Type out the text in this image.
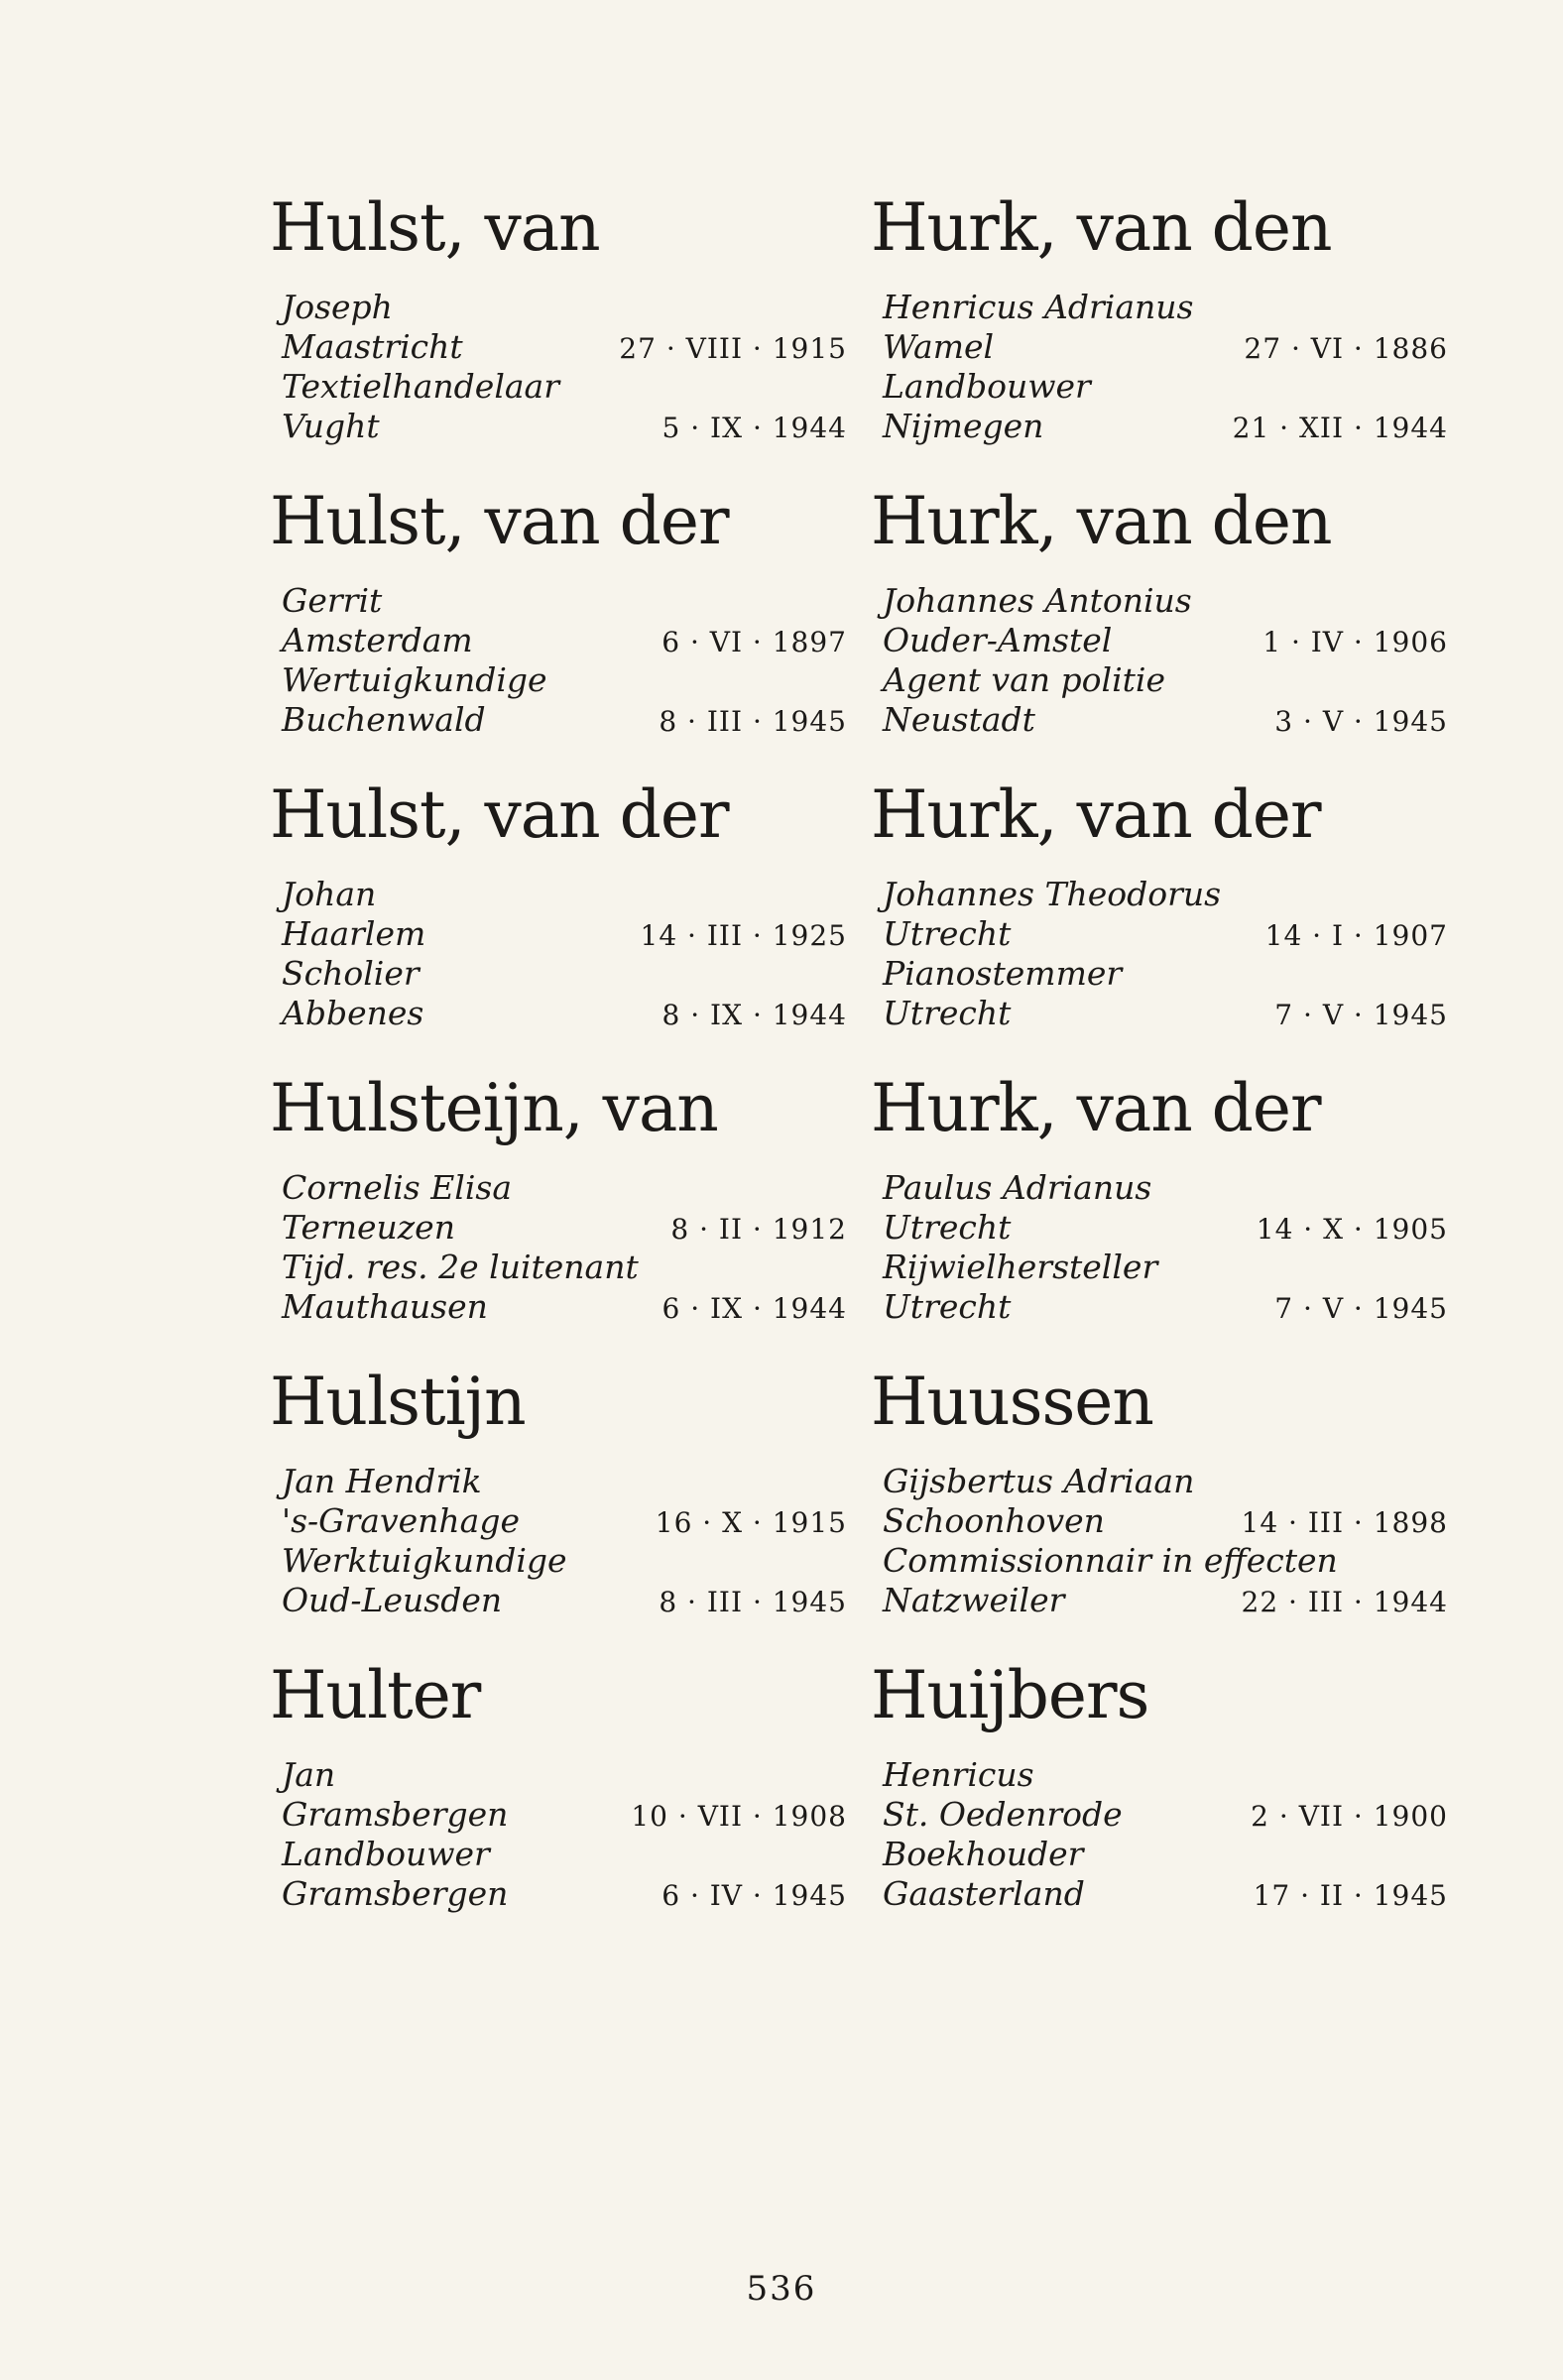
Hulst, van
Joseph
Maastricht	27 · VIII · 1915
Textielhandelaar
Vught	5 · IX · 1944
Hulst, van der
Gerrit
Amsterdam	6 · VI · 1897
Wertuigkundige
Buchenwald	8 · III · 1945
Hulst, van der
Johan
Haarlem	14 · III · 1925
Scholier
Abbenes	8 · IX · 1944
Hulsteijn, van
Cornelis Elisa
Terneuzen	8 · II · 1912
Tijd. res. 2e luitenant
Mauthausen	6 · IX · 1944
Hulstijn
Jan Hendrik
's-Gravenhage	16 · X · 1915
Werktuigkundige
Oud-Leusden	8 · III · 1945
Hulter
Jan
Gramsbergen	10 · VII · 1908
Landbouwer
Gramsbergen	6 · IV · 1945
Hurk, van den
Henricus Adrianus
Wamel	27 · VI · 1886
Landbouwer
Nijmegen	21 · XII · 1944
Hurk, van den
Johannes Antonius
Ouder-Amstel	1 · IV · 1906
Agent van politie
Neustadt	3 · V · 1945
Hurk, van der
Johannes Theodorus
Utrecht	14 · I · 1907
Pianostemmer
Utrecht	7 · V · 1945
Hurk, van der
Paulus Adrianus
Utrecht	14 · X · 1905
Rijwielhersteller
Utrecht	7 · V · 1945
Huussen
Gijsbertus Adriaan
Schoonhoven	14 · III · 1898
Commissionnair in effecten
Natzweiler	22 · III · 1944
Huijbers
Henricus
St. Oedenrode	2 · VII · 1900
Boekhouder
Gaasterland	17 · II · 1945
536
